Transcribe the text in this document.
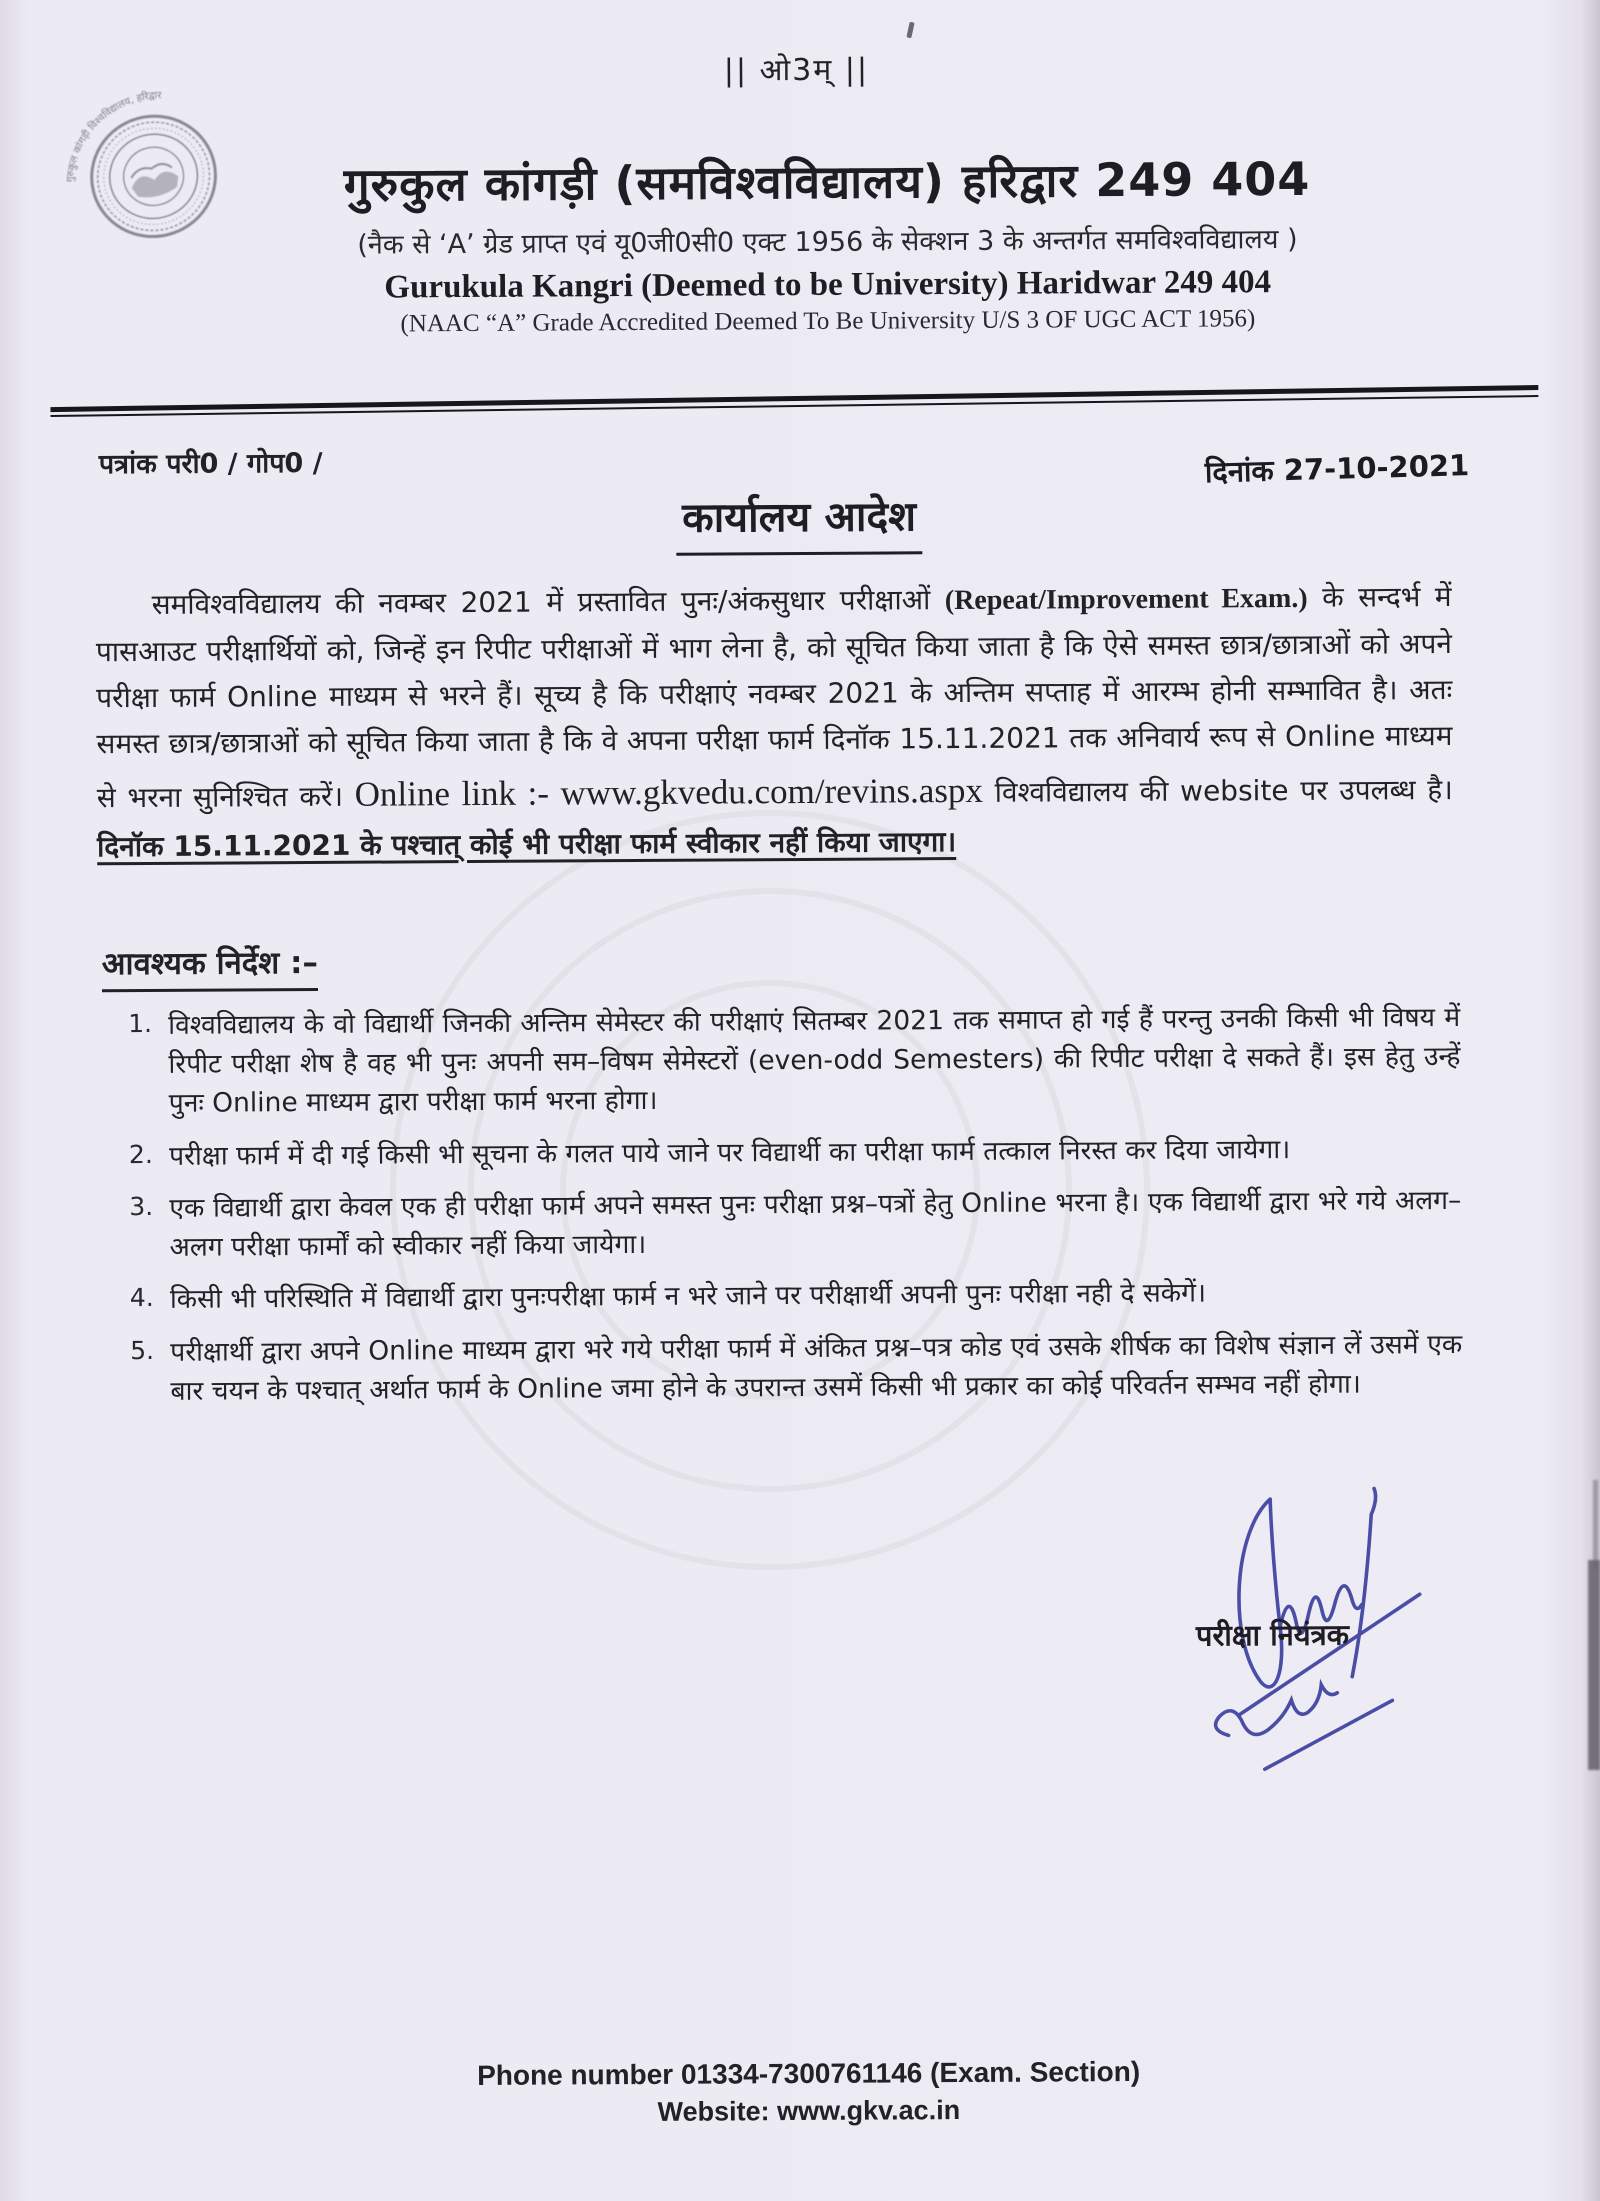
गुरुकुल कांगड़ी विश्वविद्यालय, हरिद्वार
|| ओ3म् ||
गुरुकुल कांगड़ी (समविश्वविद्यालय) हरिद्वार 249 404
(नैक से ‘A’ ग्रेड प्राप्त एवं यू0जी0सी0 एक्ट 1956 के सेक्शन 3 के अन्तर्गत समविश्वविद्यालय )
Gurukula Kangri (Deemed to be University) Haridwar 249 404
(NAAC “A” Grade Accredited Deemed To Be University U/S 3 OF UGC ACT 1956)
पत्रांक परी0 / गोप0 /	दिनांक 27-10-2021
कार्यालय आदेश
समविश्वविद्यालय की नवम्बर 2021 में प्रस्तावित पुनः/अंकसुधार परीक्षाओं (Repeat/Improvement Exam.) के सन्दर्भ में पासआउट परीक्षार्थियों को, जिन्हें इन रिपीट परीक्षाओं में भाग लेना है, को सूचित किया जाता है कि ऐसे समस्त छात्र/छात्राओं को अपने परीक्षा फार्म Online माध्यम से भरने हैं। सूच्य है कि परीक्षाएं नवम्बर 2021 के अन्तिम सप्ताह में आरम्भ होनी सम्भावित है। अतः समस्त छात्र/छात्राओं को सूचित किया जाता है कि वे अपना परीक्षा फार्म दिनॉक 15.11.2021 तक अनिवार्य रूप से Online माध्यम से भरना सुनिश्चित करें। Online link :- www.gkvedu.com/revins.aspx विश्वविद्यालय की website पर उपलब्ध है। दिनॉक 15.11.2021 के पश्चात् कोई भी परीक्षा फार्म स्वीकार नहीं किया जाएगा।
आवश्यक निर्देश :–
1. विश्वविद्यालय के वो विद्यार्थी जिनकी अन्तिम सेमेस्टर की परीक्षाएं सितम्बर 2021 तक समाप्त हो गई हैं परन्तु उनकी किसी भी विषय में रिपीट परीक्षा शेष है वह भी पुनः अपनी सम–विषम सेमेस्टरों (even-odd Semesters) की रिपीट परीक्षा दे सकते हैं। इस हेतु उन्हें पुनः Online माध्यम द्वारा परीक्षा फार्म भरना होगा।
2. परीक्षा फार्म में दी गई किसी भी सूचना के गलत पाये जाने पर विद्यार्थी का परीक्षा फार्म तत्काल निरस्त कर दिया जायेगा।
3. एक विद्यार्थी द्वारा केवल एक ही परीक्षा फार्म अपने समस्त पुनः परीक्षा प्रश्न–पत्रों हेतु Online भरना है। एक विद्यार्थी द्वारा भरे गये अलग–अलग परीक्षा फार्मों को स्वीकार नहीं किया जायेगा।
4. किसी भी परिस्थिति में विद्यार्थी द्वारा पुनःपरीक्षा फार्म न भरे जाने पर परीक्षार्थी अपनी पुनः परीक्षा नही दे सकेगें।
5. परीक्षार्थी द्वारा अपने Online माध्यम द्वारा भरे गये परीक्षा फार्म में अंकित प्रश्न–पत्र कोड एवं उसके शीर्षक का विशेष संज्ञान लें उसमें एक बार चयन के पश्चात् अर्थात फार्म के Online जमा होने के उपरान्त उसमें किसी भी प्रकार का कोई परिवर्तन सम्भव नहीं होगा।
परीक्षा नियंत्रक
Phone number 01334-7300761146 (Exam. Section)
Website: www.gkv.ac.in
